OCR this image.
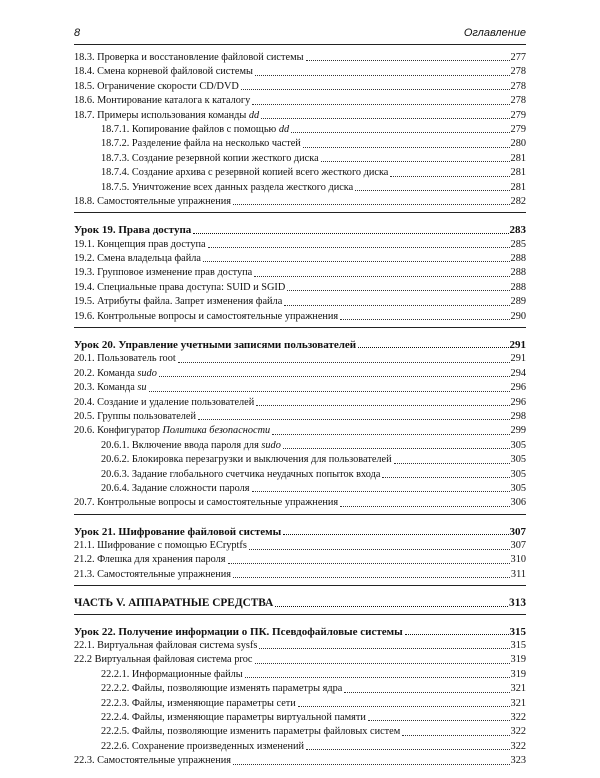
8	Оглавление
18.3. Проверка и восстановление файловой системы	277
18.4. Смена корневой файловой системы	278
18.5. Ограничение скорости CD/DVD	278
18.6. Монтирование каталога к каталогу	278
18.7. Примеры использования команды dd	279
18.7.1. Копирование файлов с помощью dd	279
18.7.2. Разделение файла на несколько частей	280
18.7.3. Создание резервной копии жесткого диска	281
18.7.4. Создание архива с резервной копией всего жесткого диска	281
18.7.5. Уничтожение всех данных раздела жесткого диска	281
18.8. Самостоятельные упражнения	282
Урок 19. Права доступа	283
19.1. Концепция прав доступа	285
19.2. Смена владельца файла	288
19.3. Групповое изменение прав доступа	288
19.4. Специальные права доступа: SUID и SGID	288
19.5. Атрибуты файла. Запрет изменения файла	289
19.6. Контрольные вопросы и самостоятельные упражнения	290
Урок 20. Управление учетными записями пользователей	291
20.1. Пользователь root	291
20.2. Команда sudo	294
20.3. Команда su	296
20.4. Создание и удаление пользователей	296
20.5. Группы пользователей	298
20.6. Конфигуратор Политика безопасности	299
20.6.1. Включение ввода пароля для sudo	305
20.6.2. Блокировка перезагрузки и выключения для пользователей	305
20.6.3. Задание глобального счетчика неудачных попыток входа	305
20.6.4. Задание сложности пароля	305
20.7. Контрольные вопросы и самостоятельные упражнения	306
Урок 21. Шифрование файловой системы	307
21.1. Шифрование с помощью ECryptfs	307
21.2. Флешка для хранения пароля	310
21.3. Самостоятельные упражнения	311
ЧАСТЬ V. АППАРАТНЫЕ СРЕДСТВА	313
Урок 22. Получение информации о ПК. Псевдофайловые системы	315
22.1. Виртуальная файловая система sysfs	315
22.2 Виртуальная файловая система proc	319
22.2.1. Информационные файлы	319
22.2.2. Файлы, позволяющие изменять параметры ядра	321
22.2.3. Файлы, изменяющие параметры сети	321
22.2.4. Файлы, изменяющие параметры виртуальной памяти	322
22.2.5. Файлы, позволяющие изменить параметры файловых систем	322
22.2.6. Сохранение произведенных изменений	322
22.3. Самостоятельные упражнения	323
